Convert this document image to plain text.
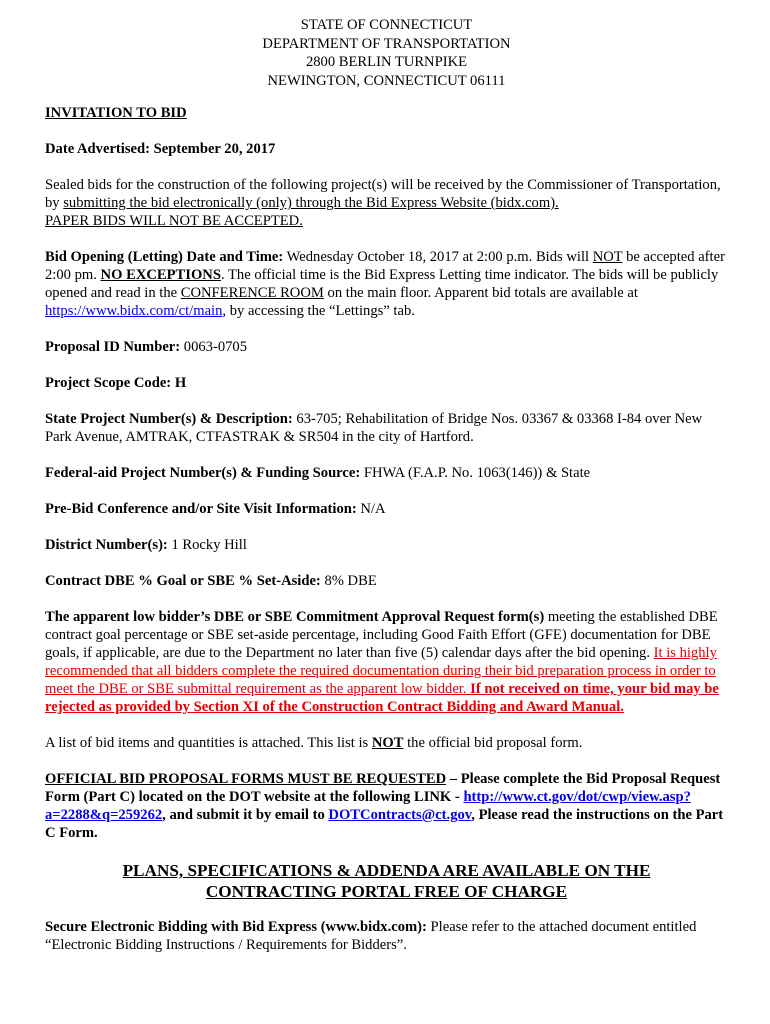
STATE OF CONNECTICUT
DEPARTMENT OF TRANSPORTATION
2800 BERLIN TURNPIKE
NEWINGTON, CONNECTICUT 06111
INVITATION TO BID

Date Advertised: September 20, 2017

Sealed bids for the construction of the following project(s) will be received by the Commissioner of Transportation, by submitting the bid electronically (only) through the Bid Express Website (bidx.com).
PAPER BIDS WILL NOT BE ACCEPTED.

Bid Opening (Letting) Date and Time: Wednesday October 18, 2017 at 2:00 p.m. Bids will NOT be accepted after 2:00 pm. NO EXCEPTIONS. The official time is the Bid Express Letting time indicator. The bids will be publicly opened and read in the CONFERENCE ROOM on the main floor. Apparent bid totals are available at https://www.bidx.com/ct/main, by accessing the “Lettings” tab.

Proposal ID Number: 0063-0705

Project Scope Code: H

State Project Number(s) & Description: 63-705; Rehabilitation of Bridge Nos. 03367 & 03368 I-84 over New Park Avenue, AMTRAK, CTFASTRAK & SR504 in the city of Hartford.

Federal-aid Project Number(s) & Funding Source: FHWA (F.A.P. No. 1063(146)) & State

Pre-Bid Conference and/or Site Visit Information: N/A

District Number(s): 1 Rocky Hill

Contract DBE % Goal or SBE % Set-Aside: 8% DBE

The apparent low bidder’s DBE or SBE Commitment Approval Request form(s) meeting the established DBE contract goal percentage or SBE set-aside percentage, including Good Faith Effort (GFE) documentation for DBE goals, if applicable, are due to the Department no later than five (5) calendar days after the bid opening. It is highly recommended that all bidders complete the required documentation during their bid preparation process in order to meet the DBE or SBE submittal requirement as the apparent low bidder. If not received on time, your bid may be rejected as provided by Section XI of the Construction Contract Bidding and Award Manual.

A list of bid items and quantities is attached. This list is NOT the official bid proposal form.

OFFICIAL BID PROPOSAL FORMS MUST BE REQUESTED – Please complete the Bid Proposal Request Form (Part C) located on the DOT website at the following LINK - http://www.ct.gov/dot/cwp/view.asp?a=2288&q=259262, and submit it by email to DOTContracts@ct.gov, Please read the instructions on the Part C Form.

PLANS, SPECIFICATIONS & ADDENDA ARE AVAILABLE ON THE
CONTRACTING PORTAL FREE OF CHARGE

Secure Electronic Bidding with Bid Express (www.bidx.com): Please refer to the attached document entitled “Electronic Bidding Instructions / Requirements for Bidders”.
